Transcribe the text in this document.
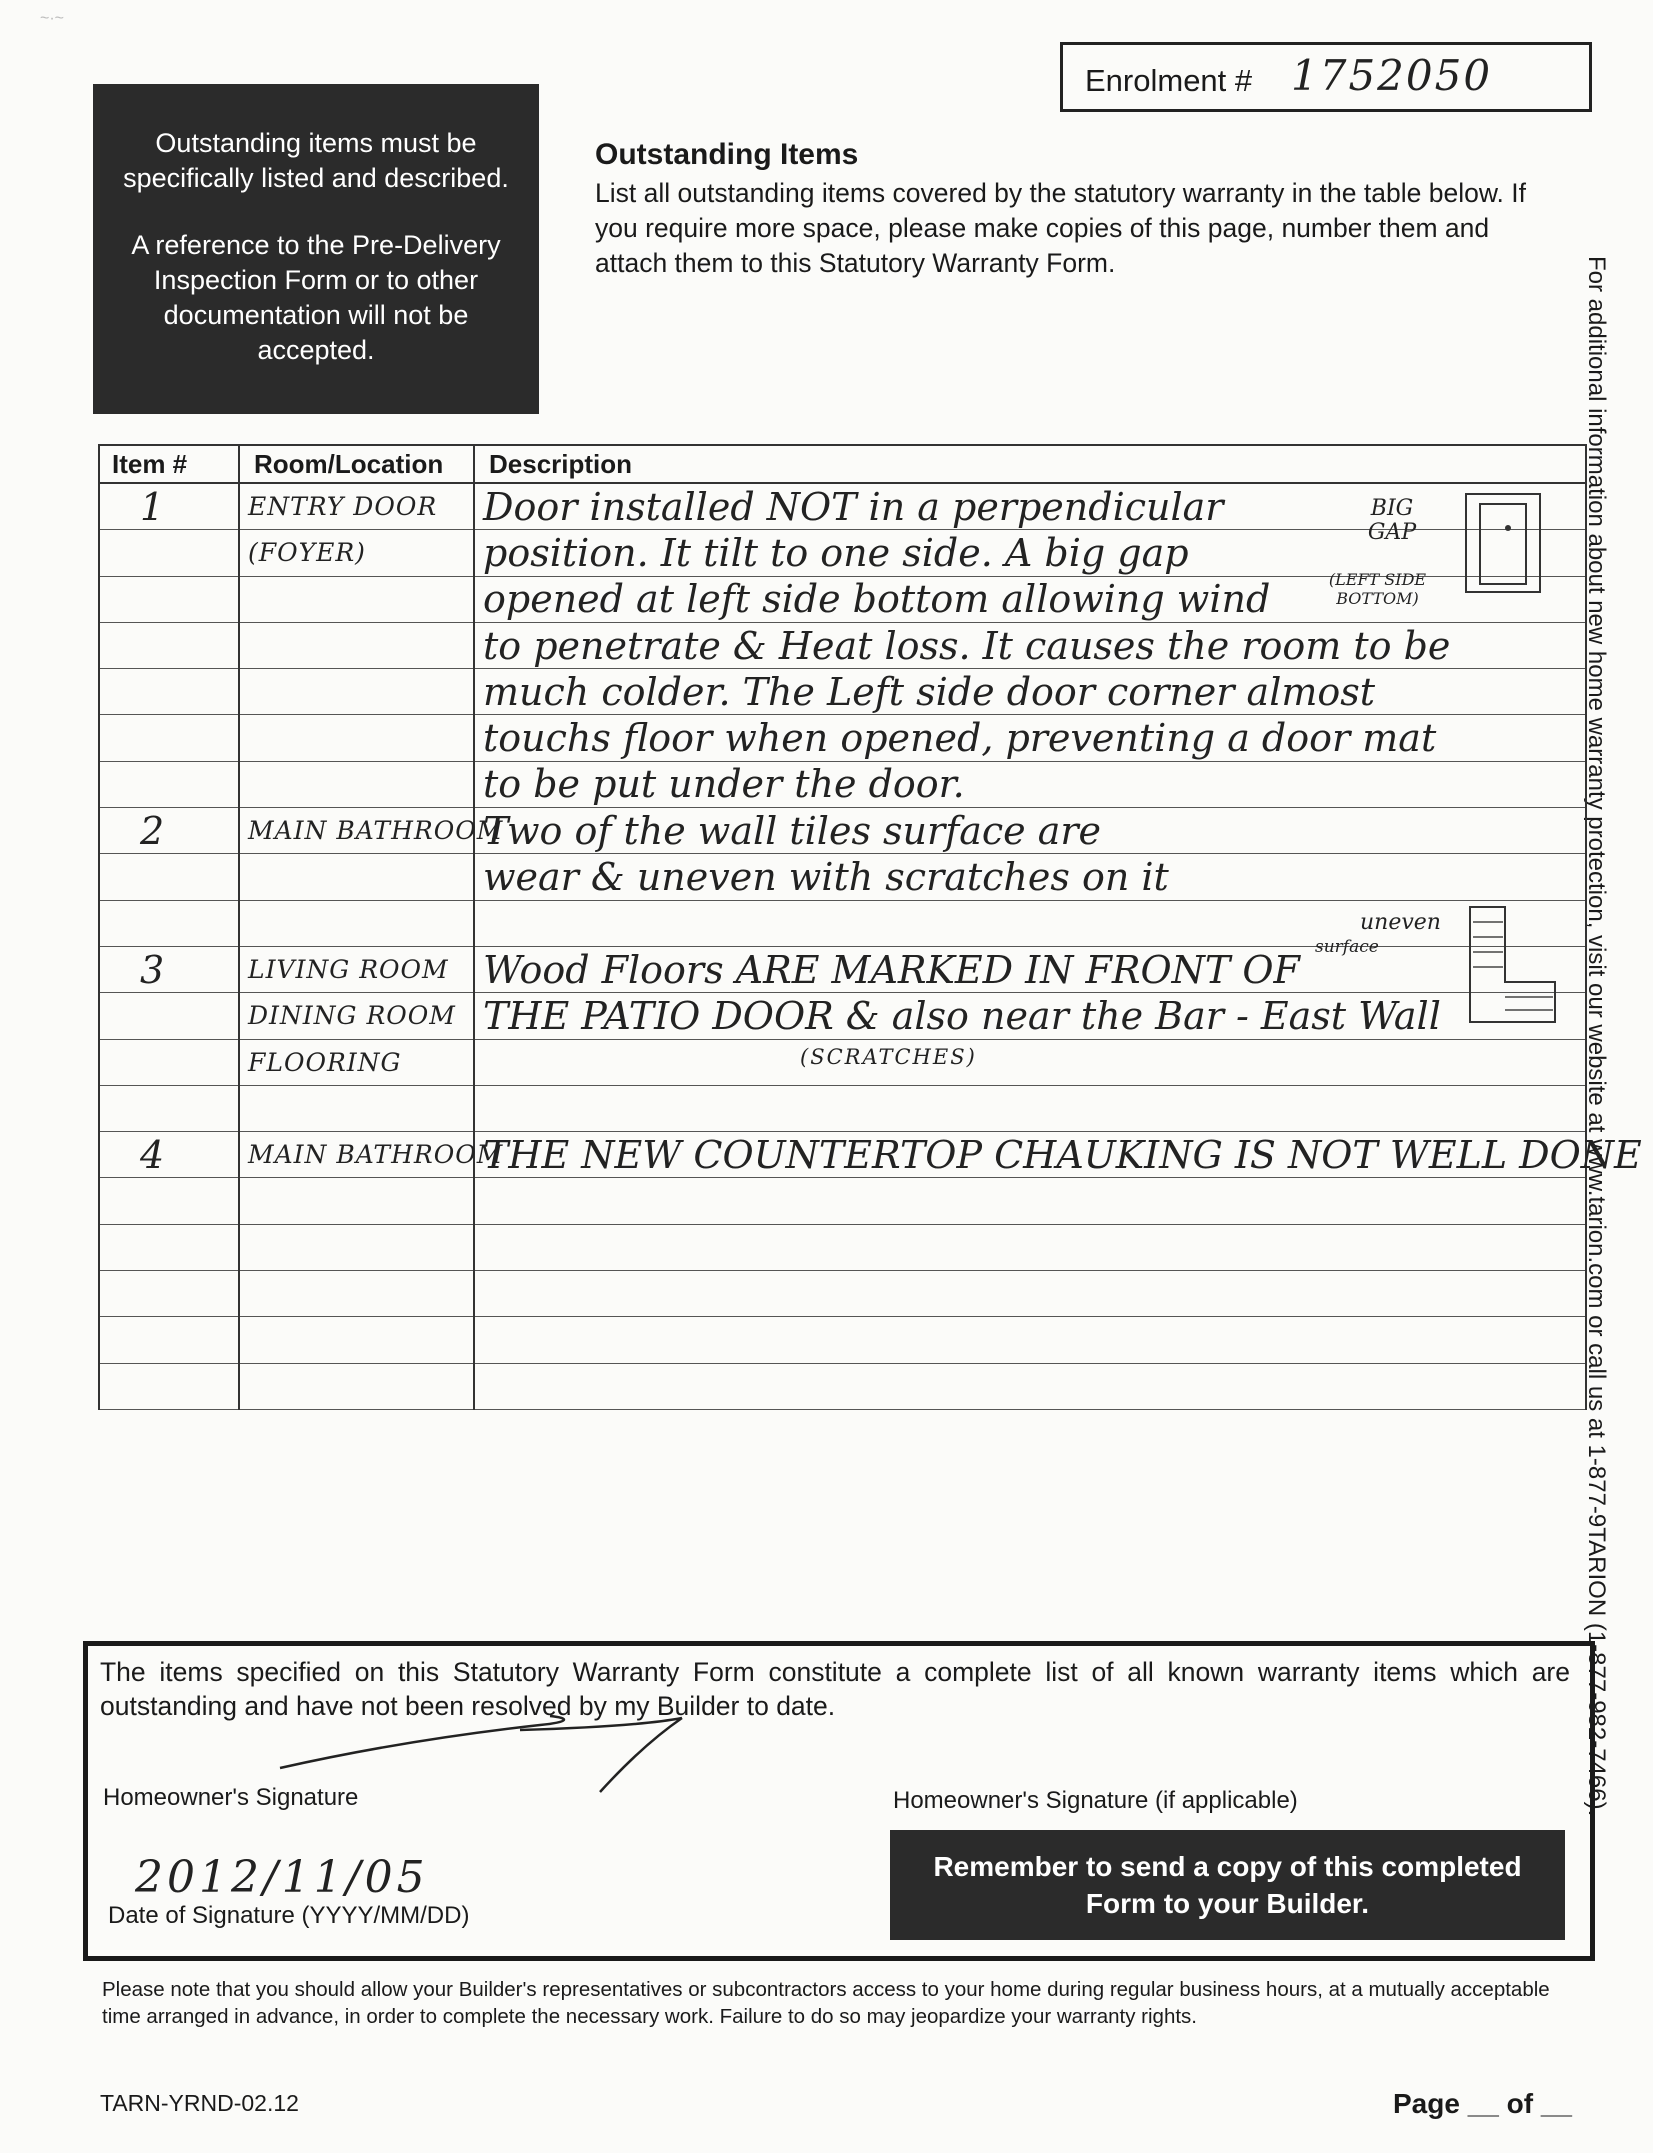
~·~
Enrolment # 1752050

Outstanding items must be specifically listed and described.

A reference to the Pre-Delivery Inspection Form or to other documentation will not be accepted.

Outstanding Items
List all outstanding items covered by the statutory warranty in the table below. If you require more space, please make copies of this page, number them and attach them to this Statutory Warranty Form.	For additional information about new home warranty protection, visit our website at www.tarion.com or call us at 1-877-9TARION (1-877-982-7466).
Item #	Room/Location	Description
1	ENTRY DOOR	Door installed NOT in a perpendicular
	(FOYER)	position. It tilt to one side. A big gap
		opened at left side bottom allowing wind
		to penetrate & Heat loss. It causes the room to be
		much colder. The Left side door corner almost
		touchs floor when opened, preventing a door mat
		to be put under the door.
2	MAIN BATHROOM	Two of the wall tiles surface are
		wear & uneven with scratches on it

3	LIVING ROOM	Wood Floors ARE MARKED IN FRONT OF
	DINING ROOM	THE PATIO DOOR & also near the Bar - East Wall
	FLOORING	

4	MAIN BATHROOM	THE NEW COUNTERTOP CHAUKING IS NOT WELL DONE

BIG GAP
(LEFT SIDE BOTTOM)
uneven
surface
(SCRATCHES)
The items specified on this Statutory Warranty Form constitute a complete list of all known warranty items which are outstanding and have not been resolved by my Builder to date.
Homeowner's Signature	Homeowner's Signature (if applicable)
2012/11/05
Date of Signature (YYYY/MM/DD)
Remember to send a copy of this completed
Form to your Builder.
Please note that you should allow your Builder's representatives or subcontractors access to your home during regular business hours, at a mutually acceptable time arranged in advance, in order to complete the necessary work. Failure to do so may jeopardize your warranty rights.
TARN-YRND-02.12	Page __ of __
